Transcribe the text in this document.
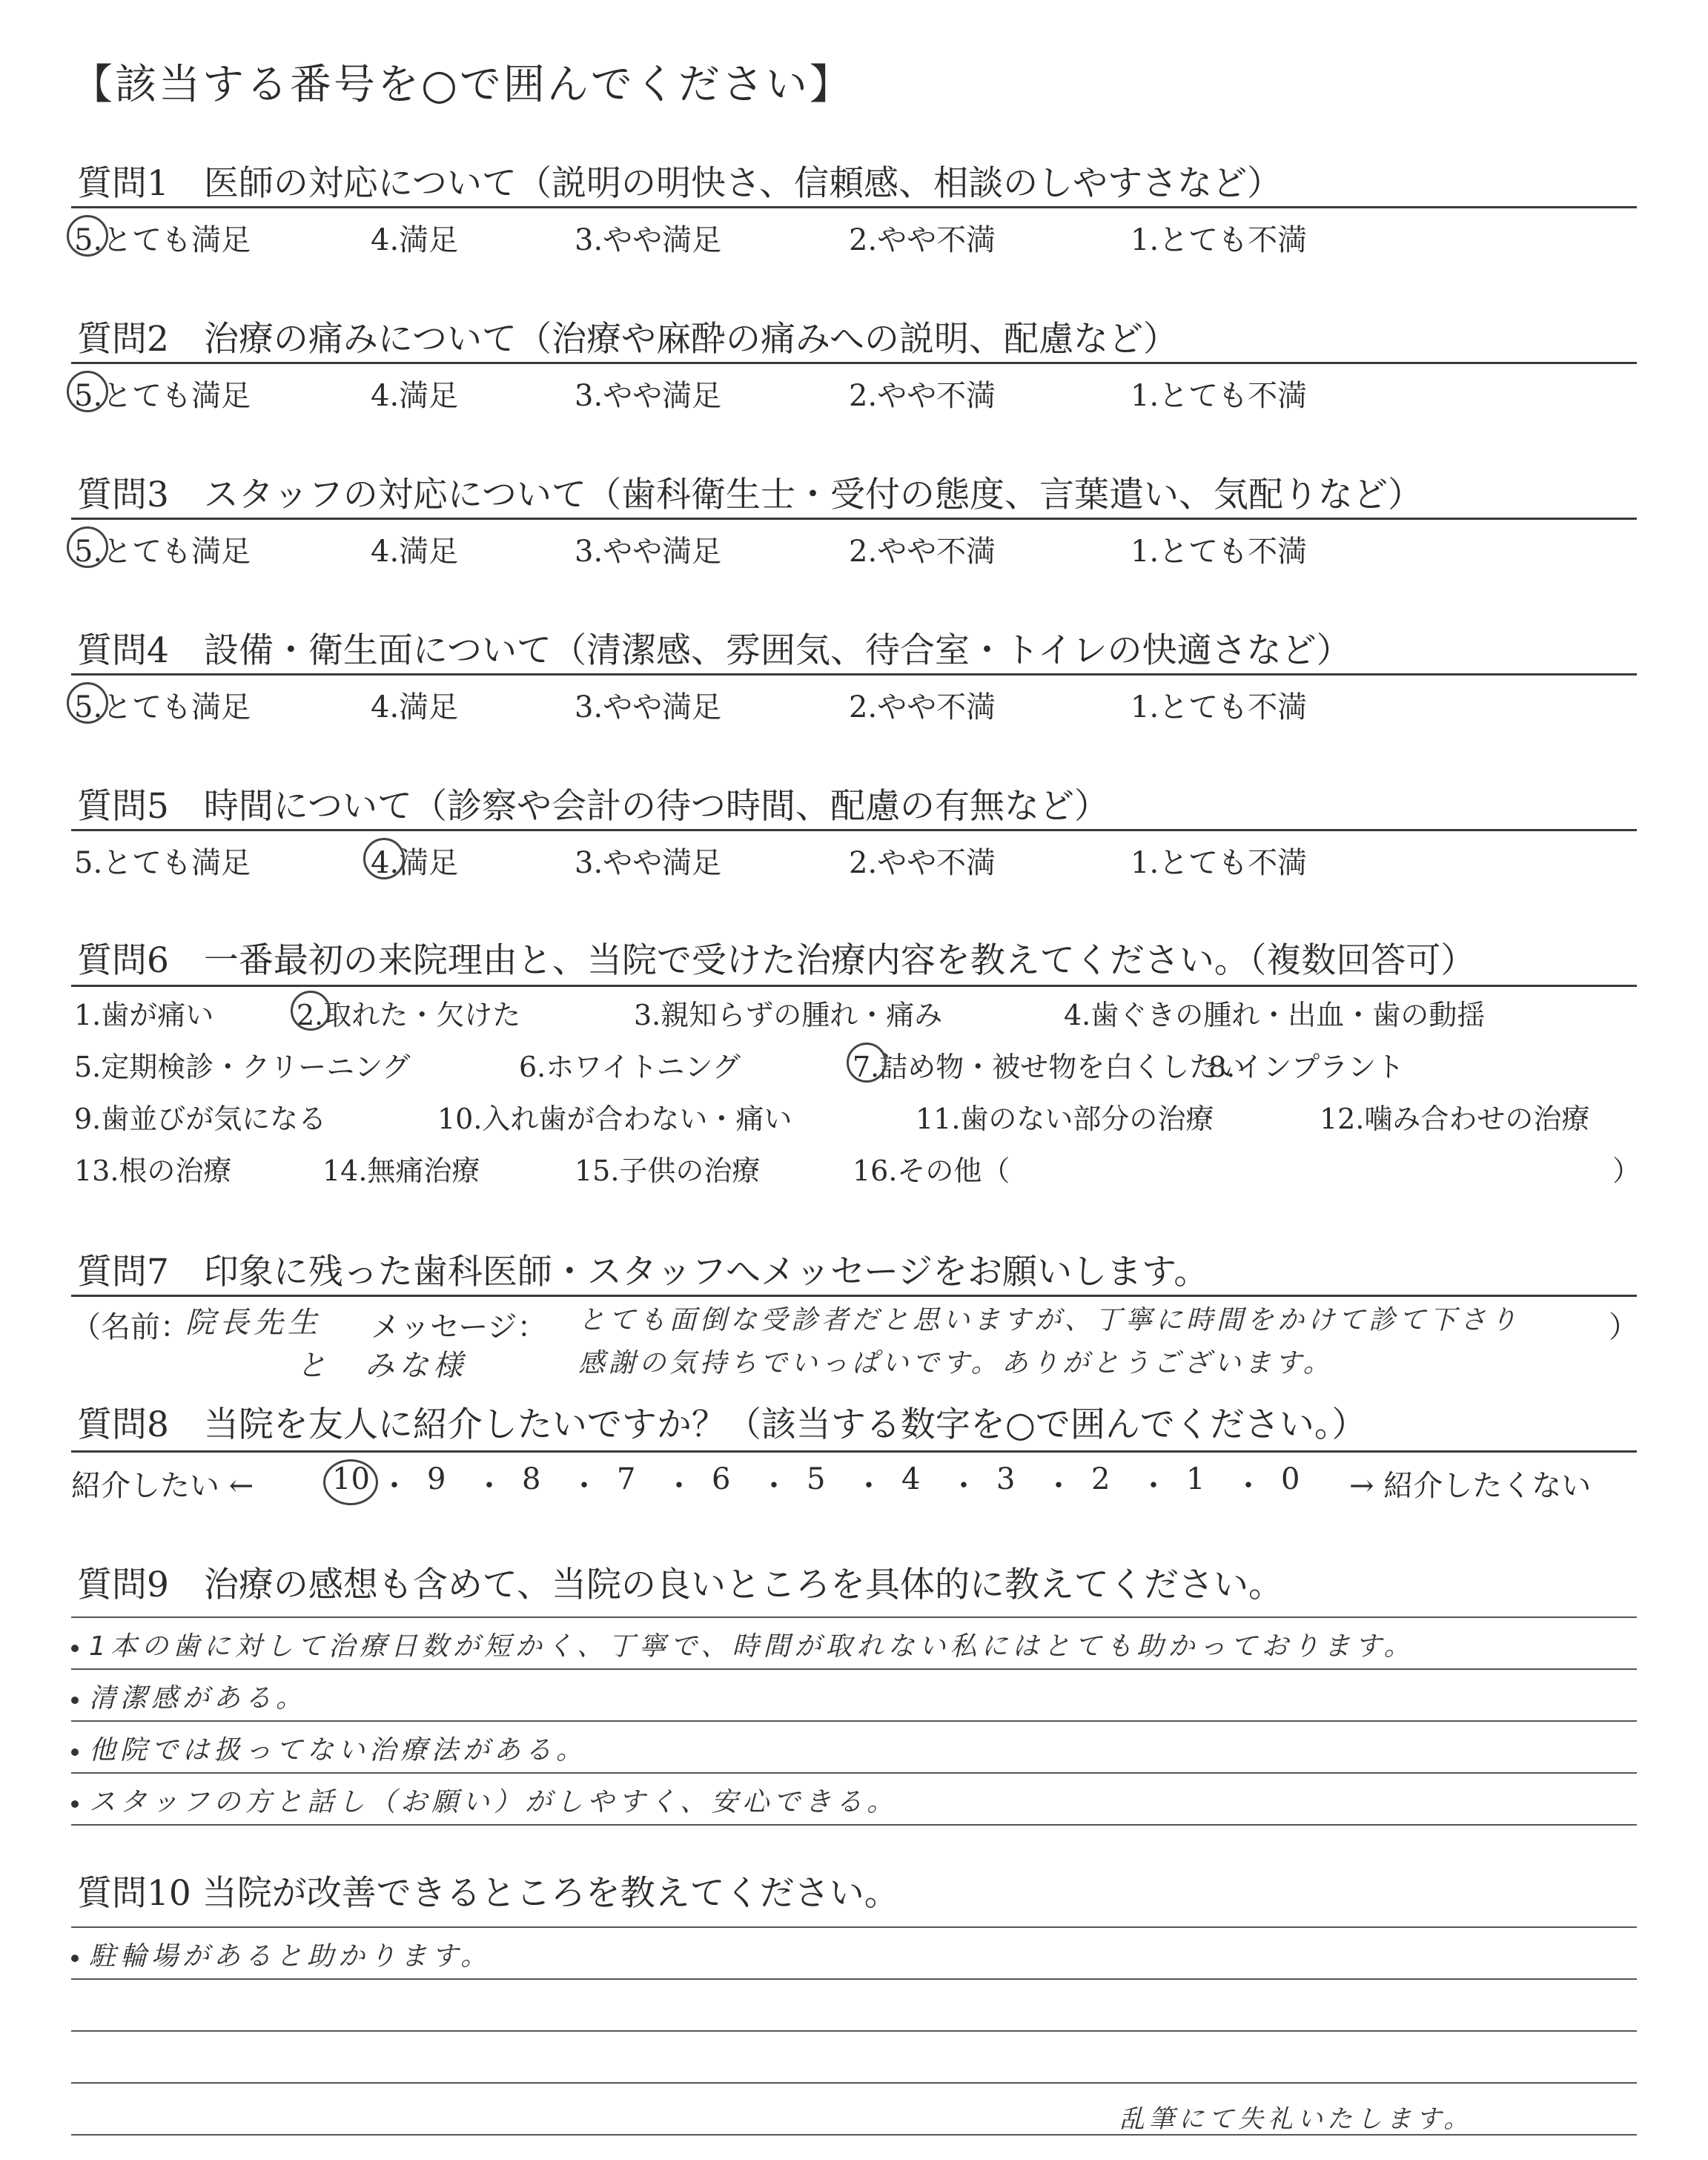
【該当する番号を○で囲んでください】
質問1　医師の対応について（説明の明快さ、信頼感、相談のしやすさなど）
5.とても満足	4.満足	3.やや満足	2.やや不満	1.とても不満
質問2　治療の痛みについて（治療や麻酔の痛みへの説明、配慮など）
5.とても満足	4.満足	3.やや満足	2.やや不満	1.とても不満
質問3　スタッフの対応について（歯科衛生士・受付の態度、言葉遣い、気配りなど）
5.とても満足	4.満足	3.やや満足	2.やや不満	1.とても不満
質問4　設備・衛生面について（清潔感、雰囲気、待合室・トイレの快適さなど）
5.とても満足	4.満足	3.やや満足	2.やや不満	1.とても不満
質問5　時間について（診察や会計の待つ時間、配慮の有無など）
5.とても満足	4.満足	3.やや満足	2.やや不満	1.とても不満
質問6　一番最初の来院理由と、当院で受けた治療内容を教えてください。（複数回答可）
1.歯が痛い	2.取れた・欠けた	3.親知らずの腫れ・痛み	4.歯ぐきの腫れ・出血・歯の動揺
5.定期検診・クリーニング	6.ホワイトニング	7.詰め物・被せ物を白くしたい
8.インプラント
9.歯並びが気になる	10.入れ歯が合わない・痛い	11.歯のない部分の治療	12.噛み合わせの治療
13.根の治療	14.無痛治療	15.子供の治療	16.その他（	）
質問7　印象に残った歯科医師・スタッフへメッセージをお願いします。
（名前：
院長先生
と　みな様
メッセージ： とても面倒な受診者だと思いますが、丁寧に時間をかけて診て下さり
感謝の気持ちでいっぱいです。ありがとうございます。
）
質問8　当院を友人に紹介したいですか？（該当する数字を○で囲んでください。）
紹介したい ←	10 ・ 9 ・ 8 ・ 7 ・ 6 ・ 5 ・ 4 ・ 3 ・ 2 ・ 1 ・ 0 → 紹介したくない
質問9　治療の感想も含めて、当院の良いところを具体的に教えてください。
1本の歯に対して治療日数が短かく、丁寧で、時間が取れない私にはとても助かっております。
清潔感がある。
他院では扱ってない治療法がある。
スタッフの方と話し（お願い）がしやすく、安心できる。
質問10 当院が改善できるところを教えてください。
駐輪場があると助かります。
乱筆にて失礼いたします。
